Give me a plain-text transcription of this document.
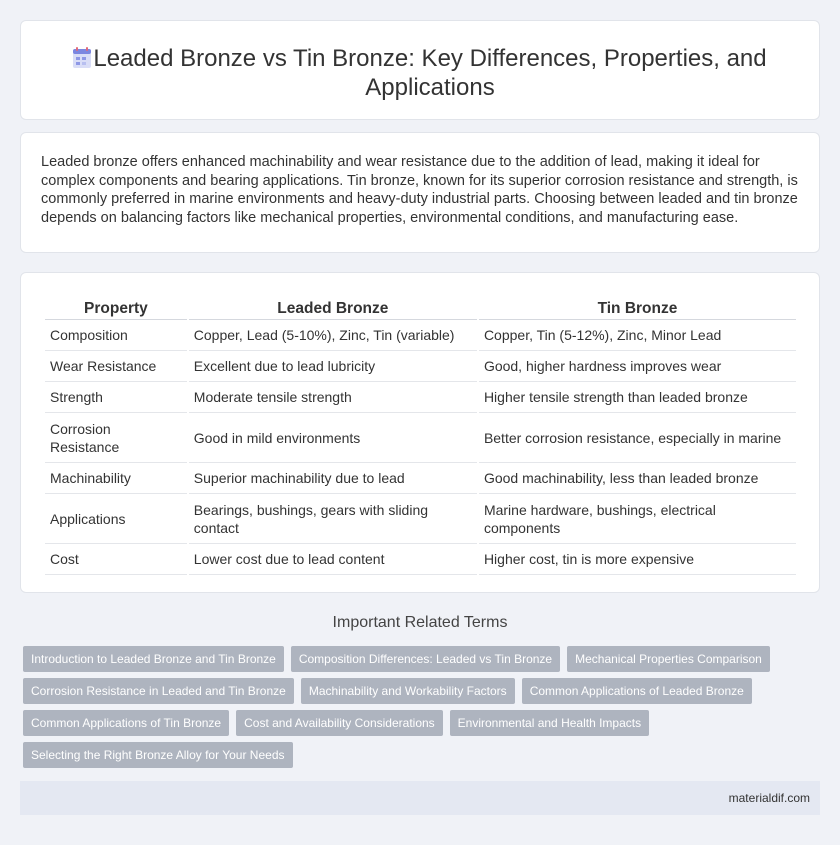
Leaded Bronze vs Tin Bronze: Key Differences, Properties, and Applications

Leaded bronze offers enhanced machinability and wear resistance due to the addition of lead, making it ideal for complex components and bearing applications. Tin bronze, known for its superior corrosion resistance and strength, is commonly preferred in marine environments and heavy-duty industrial parts. Choosing between leaded and tin bronze depends on balancing factors like mechanical properties, environmental conditions, and manufacturing ease.

Property	Leaded Bronze	Tin Bronze
Composition	Copper, Lead (5-10%), Zinc, Tin (variable)	Copper, Tin (5-12%), Zinc, Minor Lead
Wear Resistance	Excellent due to lead lubricity	Good, higher hardness improves wear
Strength	Moderate tensile strength	Higher tensile strength than leaded bronze
Corrosion Resistance	Good in mild environments	Better corrosion resistance, especially in marine
Machinability	Superior machinability due to lead	Good machinability, less than leaded bronze
Applications	Bearings, bushings, gears with sliding contact	Marine hardware, bushings, electrical components
Cost	Lower cost due to lead content	Higher cost, tin is more expensive
Important Related Terms
Introduction to Leaded Bronze and Tin Bronze	Composition Differences: Leaded vs Tin Bronze	Mechanical Properties Comparison
Corrosion Resistance in Leaded and Tin Bronze	Machinability and Workability Factors	Common Applications of Leaded Bronze
Common Applications of Tin Bronze	Cost and Availability Considerations	Environmental and Health Impacts
Selecting the Right Bronze Alloy for Your Needs
materialdif.com
